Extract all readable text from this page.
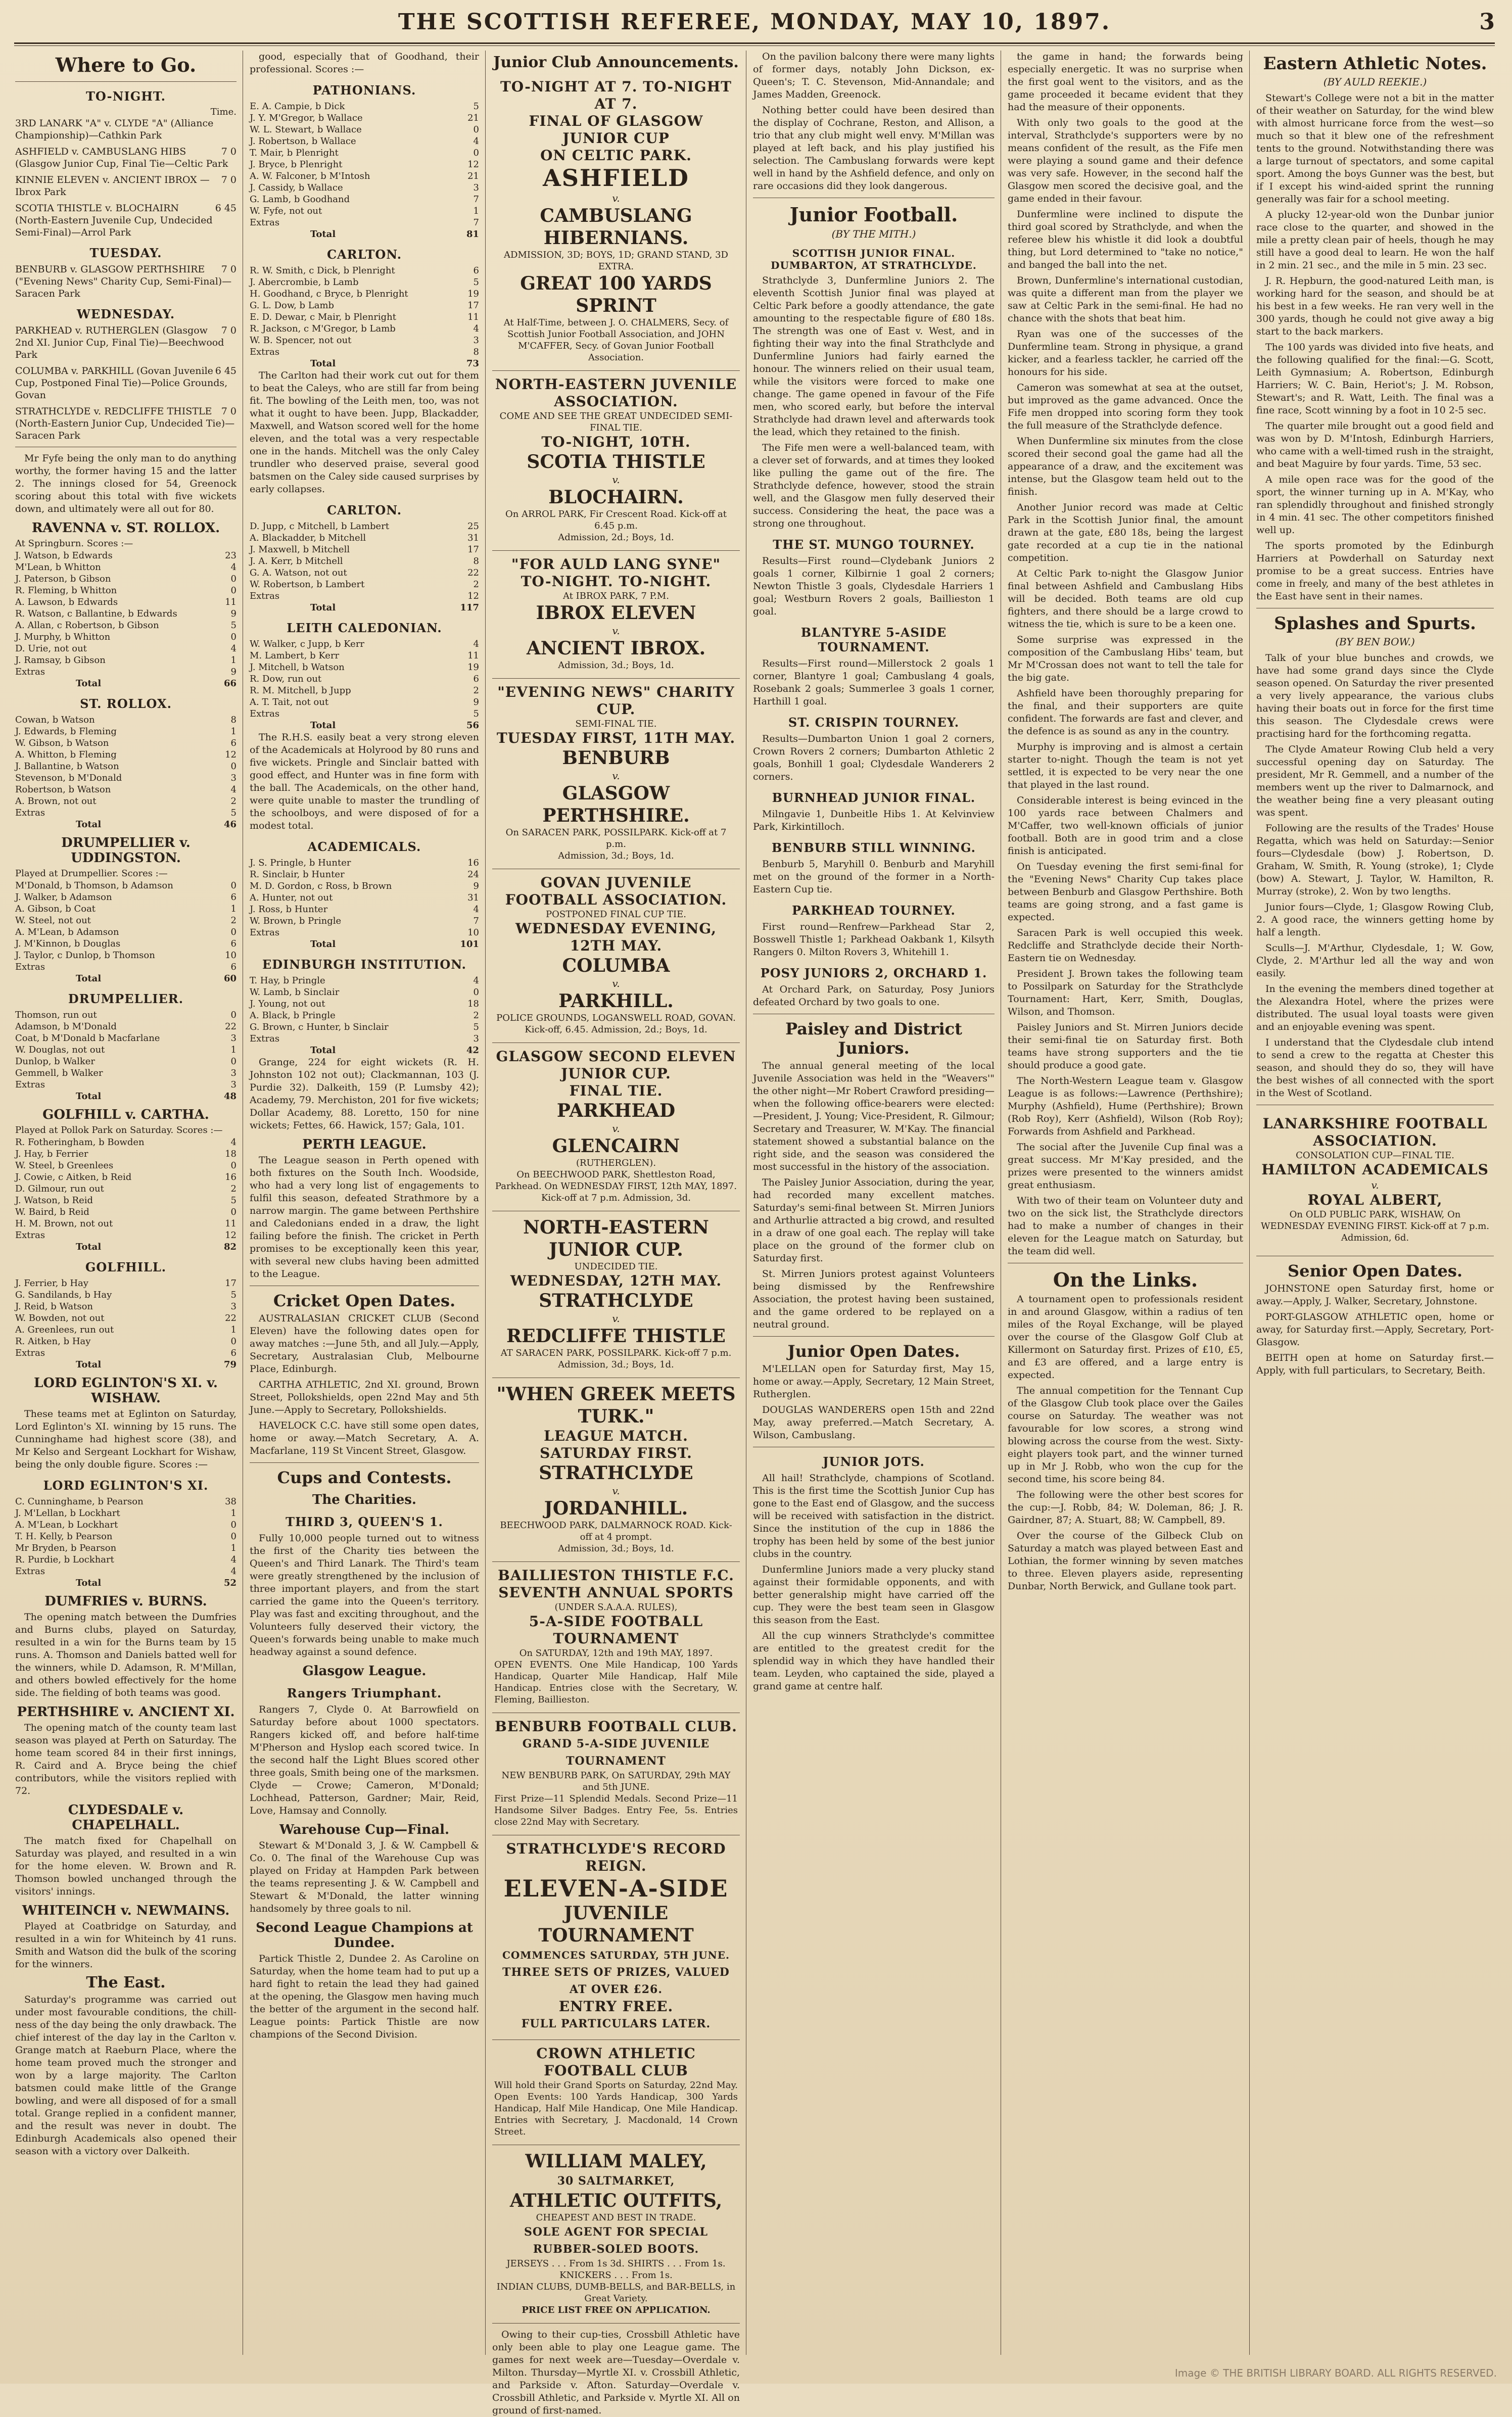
THE SCOTTISH REFEREE, MONDAY, MAY 10, 1897.	3
Where to Go.
TO-NIGHT.
Time.
3RD LANARK "A" v. CLYDE "A" (Alliance Championship)—Cathkin Park
7 0
ASHFIELD v. CAMBUSLANG HIBS (Glasgow Junior Cup, Final Tie—Celtic Park
7 0
KINNIE ELEVEN v. ANCIENT IBROX — Ibrox Park
6 45
SCOTIA THISTLE v. BLOCHAIRN (North-Eastern Juvenile Cup, Undecided Semi-Final)—Arrol Park
TUESDAY.
7 0
BENBURB v. GLASGOW PERTHSHIRE ("Evening News" Charity Cup, Semi-Final)—Saracen Park
WEDNESDAY.
7 0
PARKHEAD v. RUTHERGLEN (Glasgow 2nd XI. Junior Cup, Final Tie)—Beechwood Park
6 45
COLUMBA v. PARKHILL (Govan Juvenile Cup, Postponed Final Tie)—Police Grounds, Govan
7 0
STRATHCLYDE v. REDCLIFFE THISTLE (North-Eastern Junior Cup, Undecided Tie)—Saracen Park

Mr Fyfe being the only man to do anything worthy, the former having 15 and the latter 2. The innings closed for 54, Greenock scoring about this total with five wickets down, and ultimately were all out for 80.

RAVENNA v. ST. ROLLOX.
At Springburn. Scores :—
J. Watson, b Edwards	23
M'Lean, b Whitton	4
J. Paterson, b Gibson	0
R. Fleming, b Whitton	0
A. Lawson, b Edwards	11
R. Watson, c Ballantine, b Edwards	9
A. Allan, c Robertson, b Gibson	5
J. Murphy, b Whitton	0
D. Urie, not out	4
J. Ramsay, b Gibson	1
Extras	9
Total	66
ST. ROLLOX.
Cowan, b Watson	8
J. Edwards, b Fleming	1
W. Gibson, b Watson	6
A. Whitton, b Fleming	12
J. Ballantine, b Watson	0
Stevenson, b M'Donald	3
Robertson, b Watson	4
A. Brown, not out	2
Extras	5
Total	46
DRUMPELLIER v. UDDINGSTON.
Played at Drumpellier. Scores :—
M'Donald, b Thomson, b Adamson	0
J. Walker, b Adamson	6
A. Gibson, b Coat	1
W. Steel, not out	2
A. M'Lean, b Adamson	0
J. M'Kinnon, b Douglas	6
J. Taylor, c Dunlop, b Thomson	10
Extras	6
Total	60
DRUMPELLIER.
Thomson, run out	0
Adamson, b M'Donald	22
Coat, b M'Donald b Macfarlane	3
W. Douglas, not out	1
Dunlop, b Walker	0
Gemmell, b Walker	3
Extras	3
Total	48
GOLFHILL v. CARTHA.
Played at Pollok Park on Saturday. Scores :—
R. Fotheringham, b Bowden	4
J. Hay, b Ferrier	18
W. Steel, b Greenlees	0
J. Cowie, c Aitken, b Reid	16
D. Gilmour, run out	2
J. Watson, b Reid	5
W. Baird, b Reid	0
H. M. Brown, not out	11
Extras	12
Total	82
GOLFHILL.
J. Ferrier, b Hay	17
G. Sandilands, b Hay	5
J. Reid, b Watson	3
W. Bowden, not out	22
A. Greenlees, run out	1
R. Aitken, b Hay	0
Extras	6
Total	79
LORD EGLINTON'S XI. v. WISHAW.

These teams met at Eglinton on Saturday, Lord Eglinton's XI. winning by 15 runs. The Cunninghame had highest score (38), and Mr Kelso and Sergeant Lockhart for Wishaw, being the only double figure. Scores :—

LORD EGLINTON'S XI.
C. Cunninghame, b Pearson	38
J. M'Lellan, b Lockhart	1
A. M'Lean, b Lockhart	0
T. H. Kelly, b Pearson	0
Mr Bryden, b Pearson	1
R. Purdie, b Lockhart	4
Extras	4
Total	52
DUMFRIES v. BURNS.

The opening match between the Dumfries and Burns clubs, played on Saturday, resulted in a win for the Burns team by 15 runs. A. Thomson and Daniels batted well for the winners, while D. Adamson, R. M'Millan, and others bowled effectively for the home side. The fielding of both teams was good.

PERTHSHIRE v. ANCIENT XI.

The opening match of the county team last season was played at Perth on Saturday. The home team scored 84 in their first innings, R. Caird and A. Bryce being the chief contributors, while the visitors replied with 72.

CLYDESDALE v. CHAPELHALL.

The match fixed for Chapelhall on Saturday was played, and resulted in a win for the home eleven. W. Brown and R. Thomson bowled unchanged through the visitors' innings.

WHITEINCH v. NEWMAINS.

Played at Coatbridge on Saturday, and resulted in a win for Whiteinch by 41 runs. Smith and Watson did the bulk of the scoring for the winners.

The East.

Saturday's programme was carried out under most favourable conditions, the chill-ness of the day being the only drawback. The chief interest of the day lay in the Carlton v. Grange match at Raeburn Place, where the home team proved much the stronger and won by a large majority. The Carlton batsmen could make little of the Grange bowling, and were all disposed of for a small total. Grange replied in a confident manner, and the result was never in doubt. The Edinburgh Academicals also opened their season with a victory over Dalkeith.

good, especially that of Goodhand, their professional. Scores :—

PATHONIANS.
E. A. Campie, b Dick	5
J. Y. M'Gregor, b Wallace	21
W. L. Stewart, b Wallace	0
J. Robertson, b Wallace	4
T. Mair, b Plenright	0
J. Bryce, b Plenright	12
A. W. Falconer, b M'Intosh	21
J. Cassidy, b Wallace	3
G. Lamb, b Goodhand	7
W. Fyfe, not out	1
Extras	7
Total	81
CARLTON.
R. W. Smith, c Dick, b Plenright	6
J. Abercrombie, b Lamb	5
H. Goodhand, c Bryce, b Plenright	19
G. L. Dow, b Lamb	17
E. D. Dewar, c Mair, b Plenright	11
R. Jackson, c M'Gregor, b Lamb	4
W. B. Spencer, not out	3
Extras	8
Total	73

The Carlton had their work cut out for them to beat the Caleys, who are still far from being fit. The bowling of the Leith men, too, was not what it ought to have been. Jupp, Blackadder, Maxwell, and Watson scored well for the home eleven, and the total was a very respectable one in the hands. Mitchell was the only Caley trundler who deserved praise, several good batsmen on the Caley side caused surprises by early collapses.

CARLTON.
D. Jupp, c Mitchell, b Lambert	25
A. Blackadder, b Mitchell	31
J. Maxwell, b Mitchell	17
J. A. Kerr, b Mitchell	8
G. A. Watson, not out	22
W. Robertson, b Lambert	2
Extras	12
Total	117
LEITH CALEDONIAN.
W. Walker, c Jupp, b Kerr	4
M. Lambert, b Kerr	11
J. Mitchell, b Watson	19
R. Dow, run out	6
R. M. Mitchell, b Jupp	2
A. T. Tait, not out	9
Extras	5
Total	56

The R.H.S. easily beat a very strong eleven of the Academicals at Holyrood by 80 runs and five wickets. Pringle and Sinclair batted with good effect, and Hunter was in fine form with the ball. The Academicals, on the other hand, were quite unable to master the trundling of the schoolboys, and were disposed of for a modest total.

ACADEMICALS.
J. S. Pringle, b Hunter	16
R. Sinclair, b Hunter	24
M. D. Gordon, c Ross, b Brown	9
A. Hunter, not out	31
J. Ross, b Hunter	4
W. Brown, b Pringle	7
Extras	10
Total	101
EDINBURGH INSTITUTION.
T. Hay, b Pringle	4
W. Lamb, b Sinclair	0
J. Young, not out	18
A. Black, b Pringle	2
G. Brown, c Hunter, b Sinclair	5
Extras	3
Total	42

Grange, 224 for eight wickets (R. H. Johnston 102 not out); Clackmannan, 103 (J. Purdie 32). Dalkeith, 159 (P. Lumsby 42); Academy, 79. Merchiston, 201 for five wickets; Dollar Academy, 88. Loretto, 150 for nine wickets; Fettes, 66. Hawick, 157; Gala, 101.

PERTH LEAGUE.

The League season in Perth opened with both fixtures on the South Inch. Woodside, who had a very long list of engagements to fulfil this season, defeated Strathmore by a narrow margin. The game between Perthshire and Caledonians ended in a draw, the light failing before the finish. The cricket in Perth promises to be exceptionally keen this year, with several new clubs having been admitted to the League.

Cricket Open Dates.

AUSTRALASIAN CRICKET CLUB (Second Eleven) have the following dates open for away matches :—June 5th, and all July.—Apply, Secretary, Australasian Club, Melbourne Place, Edinburgh.

CARTHA ATHLETIC, 2nd XI. ground, Brown Street, Pollokshields, open 22nd May and 5th June.—Apply to Secretary, Pollokshields.

HAVELOCK C.C. have still some open dates, home or away.—Match Secretary, A. A. Macfarlane, 119 St Vincent Street, Glasgow.

Cups and Contests.
The Charities.
THIRD 3, QUEEN'S 1.

Fully 10,000 people turned out to witness the first of the Charity ties between the Queen's and Third Lanark. The Third's team were greatly strengthened by the inclusion of three important players, and from the start carried the game into the Queen's territory. Play was fast and exciting throughout, and the Volunteers fully deserved their victory, the Queen's forwards being unable to make much headway against a sound defence.

Glasgow League.
Rangers Triumphant.

Rangers 7, Clyde 0. At Barrowfield on Saturday before about 1000 spectators. Rangers kicked off, and before half-time M'Pherson and Hyslop each scored twice. In the second half the Light Blues scored other three goals, Smith being one of the marksmen. Clyde — Crowe; Cameron, M'Donald; Lochhead, Patterson, Gardner; Mair, Reid, Love, Hamsay and Connolly.

Warehouse Cup—Final.

Stewart & M'Donald 3, J. & W. Campbell & Co. 0. The final of the Warehouse Cup was played on Friday at Hampden Park between the teams representing J. & W. Campbell and Stewart & M'Donald, the latter winning handsomely by three goals to nil.

Second League Champions at Dundee.

Partick Thistle 2, Dundee 2. As Caroline on Saturday, when the home team had to put up a hard fight to retain the lead they had gained at the opening, the Glasgow men having much the better of the argument in the second half. League points: Partick Thistle are now champions of the Second Division.

Junior Club Announcements.
TO-NIGHT AT 7. TO-NIGHT AT 7.
FINAL OF GLASGOW JUNIOR CUP
ON CELTIC PARK.
ASHFIELD
v.
CAMBUSLANG HIBERNIANS.
ADMISSION, 3D; BOYS, 1D; GRAND STAND, 3D EXTRA.
GREAT 100 YARDS SPRINT
At Half-Time, between J. O. CHALMERS, Secy. of Scottish Junior Football Association, and JOHN M'CAFFER, Secy. of Govan Junior Football Association.
NORTH-EASTERN JUVENILE ASSOCIATION.
COME AND SEE THE GREAT UNDECIDED SEMI-FINAL TIE.
TO-NIGHT, 10TH.
SCOTIA THISTLE
v.
BLOCHAIRN.
On ARROL PARK, Fir Crescent Road. Kick-off at 6.45 p.m.
Admission, 2d.; Boys, 1d.
"FOR AULD LANG SYNE"
TO-NIGHT. TO-NIGHT.
At IBROX PARK, 7 P.M.
IBROX ELEVEN
v.
ANCIENT IBROX.
Admission, 3d.; Boys, 1d.
"EVENING NEWS" CHARITY CUP.
SEMI-FINAL TIE.
TUESDAY FIRST, 11TH MAY.
BENBURB
v.
GLASGOW PERTHSHIRE.
On SARACEN PARK, POSSILPARK. Kick-off at 7 p.m.
Admission, 3d.; Boys, 1d.
GOVAN JUVENILE FOOTBALL ASSOCIATION.
POSTPONED FINAL CUP TIE.
WEDNESDAY EVENING, 12TH MAY.
COLUMBA
v.
PARKHILL.
POLICE GROUNDS, LOGANSWELL ROAD, GOVAN. Kick-off, 6.45. Admission, 2d.; Boys, 1d.
GLASGOW SECOND ELEVEN JUNIOR CUP.
FINAL TIE.
PARKHEAD
v.
GLENCAIRN
(RUTHERGLEN).
On BEECHWOOD PARK, Shettleston Road, Parkhead. On WEDNESDAY FIRST, 12th MAY, 1897. Kick-off at 7 p.m. Admission, 3d.
NORTH-EASTERN JUNIOR CUP.
UNDECIDED TIE.
WEDNESDAY, 12TH MAY.
STRATHCLYDE
v.
REDCLIFFE THISTLE
AT SARACEN PARK, POSSILPARK. Kick-off 7 p.m.
Admission, 3d.; Boys, 1d.
"WHEN GREEK MEETS TURK."
LEAGUE MATCH.
SATURDAY FIRST.
STRATHCLYDE
v.
JORDANHILL.
BEECHWOOD PARK, DALMARNOCK ROAD. Kick-off at 4 prompt.
Admission, 3d.; Boys, 1d.
BAILLIESTON THISTLE F.C.
SEVENTH ANNUAL SPORTS
(UNDER S.A.A.A. RULES),
5-A-SIDE FOOTBALL TOURNAMENT
On SATURDAY, 12th and 19th MAY, 1897.
OPEN EVENTS. One Mile Handicap, 100 Yards Handicap, Quarter Mile Handicap, Half Mile Handicap. Entries close with the Secretary, W. Fleming, Baillieston.
BENBURB FOOTBALL CLUB.
GRAND 5-A-SIDE JUVENILE TOURNAMENT
NEW BENBURB PARK, On SATURDAY, 29th MAY and 5th JUNE.
First Prize—11 Splendid Medals. Second Prize—11 Handsome Silver Badges. Entry Fee, 5s. Entries close 22nd May with Secretary.
STRATHCLYDE'S RECORD REIGN.
ELEVEN-A-SIDE
JUVENILE TOURNAMENT
COMMENCES SATURDAY, 5TH JUNE.
THREE SETS OF PRIZES, VALUED AT OVER £26.
ENTRY FREE.
FULL PARTICULARS LATER.
CROWN ATHLETIC FOOTBALL CLUB
Will hold their Grand Sports on Saturday, 22nd May. Open Events: 100 Yards Handicap, 300 Yards Handicap, Half Mile Handicap, One Mile Handicap. Entries with Secretary, J. Macdonald, 14 Crown Street.
WILLIAM MALEY,
30 SALTMARKET,
ATHLETIC OUTFITS,
CHEAPEST AND BEST IN TRADE.
SOLE AGENT FOR SPECIAL RUBBER-SOLED BOOTS.
JERSEYS . . . From 1s 3d. SHIRTS . . . From 1s. KNICKERS . . . From 1s.
INDIAN CLUBS, DUMB-BELLS, and BAR-BELLS, in Great Variety.
PRICE LIST FREE ON APPLICATION.

Owing to their cup-ties, Crossbill Athletic have only been able to play one League game. The games for next week are—Tuesday—Overdale v. Milton. Thursday—Myrtle XI. v. Crossbill Athletic, and Parkside v. Afton. Saturday—Overdale v. Crossbill Athletic, and Parkside v. Myrtle XI. All on ground of first-named.

On the pavilion balcony there were many lights of former days, notably John Dickson, ex-Queen's; T. C. Stevenson, Mid-Annandale; and James Madden, Greenock.

Nothing better could have been desired than the display of Cochrane, Reston, and Allison, a trio that any club might well envy. M'Millan was played at left back, and his play justified his selection. The Cambuslang forwards were kept well in hand by the Ashfield defence, and only on rare occasions did they look dangerous.

Junior Football.
(BY THE MITH.)
SCOTTISH JUNIOR FINAL. DUMBARTON, AT STRATHCLYDE.

Strathclyde 3, Dunfermline Juniors 2. The eleventh Scottish Junior final was played at Celtic Park before a goodly attendance, the gate amounting to the respectable figure of £80 18s. The strength was one of East v. West, and in fighting their way into the final Strathclyde and Dunfermline Juniors had fairly earned the honour. The winners relied on their usual team, while the visitors were forced to make one change. The game opened in favour of the Fife men, who scored early, but before the interval Strathclyde had drawn level and afterwards took the lead, which they retained to the finish.

The Fife men were a well-balanced team, with a clever set of forwards, and at times they looked like pulling the game out of the fire. The Strathclyde defence, however, stood the strain well, and the Glasgow men fully deserved their success. Considering the heat, the pace was a strong one throughout.

THE ST. MUNGO TOURNEY.

Results—First round—Clydebank Juniors 2 goals 1 corner, Kilbirnie 1 goal 2 corners; Newton Thistle 3 goals, Clydesdale Harriers 1 goal; Westburn Rovers 2 goals, Baillieston 1 goal.

BLANTYRE 5-ASIDE TOURNAMENT.

Results—First round—Millerstock 2 goals 1 corner, Blantyre 1 goal; Cambuslang 4 goals, Rosebank 2 goals; Summerlee 3 goals 1 corner, Harthill 1 goal.

ST. CRISPIN TOURNEY.

Results—Dumbarton Union 1 goal 2 corners, Crown Rovers 2 corners; Dumbarton Athletic 2 goals, Bonhill 1 goal; Clydesdale Wanderers 2 corners.

BURNHEAD JUNIOR FINAL.

Milngavie 1, Dunbeitle Hibs 1. At Kelvinview Park, Kirkintilloch.

BENBURB STILL WINNING.

Benburb 5, Maryhill 0. Benburb and Maryhill met on the ground of the former in a North-Eastern Cup tie.

PARKHEAD TOURNEY.

First round—Renfrew—Parkhead Star 2, Bosswell Thistle 1; Parkhead Oakbank 1, Kilsyth Rangers 0. Milton Rovers 3, Whitehill 1.

POSY JUNIORS 2, ORCHARD 1.

At Orchard Park, on Saturday, Posy Juniors defeated Orchard by two goals to one.

Paisley and District Juniors.

The annual general meeting of the local Juvenile Association was held in the "Weavers'" the other night—Mr Robert Crawford presiding—when the following office-bearers were elected:—President, J. Young; Vice-President, R. Gilmour; Secretary and Treasurer, W. M'Kay. The financial statement showed a substantial balance on the right side, and the season was considered the most successful in the history of the association.

The Paisley Junior Association, during the year, had recorded many excellent matches. Saturday's semi-final between St. Mirren Juniors and Arthurlie attracted a big crowd, and resulted in a draw of one goal each. The replay will take place on the ground of the former club on Saturday first.

St. Mirren Juniors protest against Volunteers being dismissed by the Renfrewshire Association, the protest having been sustained, and the game ordered to be replayed on a neutral ground.

Junior Open Dates.

M'LELLAN open for Saturday first, May 15, home or away.—Apply, Secretary, 12 Main Street, Rutherglen.

DOUGLAS WANDERERS open 15th and 22nd May, away preferred.—Match Secretary, A. Wilson, Cambuslang.

JUNIOR JOTS.

All hail! Strathclyde, champions of Scotland. This is the first time the Scottish Junior Cup has gone to the East end of Glasgow, and the success will be received with satisfaction in the district. Since the institution of the cup in 1886 the trophy has been held by some of the best junior clubs in the country.

Dunfermline Juniors made a very plucky stand against their formidable opponents, and with better generalship might have carried off the cup. They were the best team seen in Glasgow this season from the East.

All the cup winners Strathclyde's committee are entitled to the greatest credit for the splendid way in which they have handled their team. Leyden, who captained the side, played a grand game at centre half.

the game in hand; the forwards being especially energetic. It was no surprise when the first goal went to the visitors, and as the game proceeded it became evident that they had the measure of their opponents.

With only two goals to the good at the interval, Strathclyde's supporters were by no means confident of the result, as the Fife men were playing a sound game and their defence was very safe. However, in the second half the Glasgow men scored the decisive goal, and the game ended in their favour.

Dunfermline were inclined to dispute the third goal scored by Strathclyde, and when the referee blew his whistle it did look a doubtful thing, but Lord determined to "take no notice," and banged the ball into the net.

Brown, Dunfermline's international custodian, was quite a different man from the player we saw at Celtic Park in the semi-final. He had no chance with the shots that beat him.

Ryan was one of the successes of the Dunfermline team. Strong in physique, a grand kicker, and a fearless tackler, he carried off the honours for his side.

Cameron was somewhat at sea at the outset, but improved as the game advanced. Once the Fife men dropped into scoring form they took the full measure of the Strathclyde defence.

When Dunfermline six minutes from the close scored their second goal the game had all the appearance of a draw, and the excitement was intense, but the Glasgow team held out to the finish.

Another Junior record was made at Celtic Park in the Scottish Junior final, the amount drawn at the gate, £80 18s, being the largest gate recorded at a cup tie in the national competition.

At Celtic Park to-night the Glasgow Junior final between Ashfield and Cambuslang Hibs will be decided. Both teams are old cup fighters, and there should be a large crowd to witness the tie, which is sure to be a keen one.

Some surprise was expressed in the composition of the Cambuslang Hibs' team, but Mr M'Crossan does not want to tell the tale for the big gate.

Ashfield have been thoroughly preparing for the final, and their supporters are quite confident. The forwards are fast and clever, and the defence is as sound as any in the country.

Murphy is improving and is almost a certain starter to-night. Though the team is not yet settled, it is expected to be very near the one that played in the last round.

Considerable interest is being evinced in the 100 yards race between Chalmers and M'Caffer, two well-known officials of junior football. Both are in good trim and a close finish is anticipated.

On Tuesday evening the first semi-final for the "Evening News" Charity Cup takes place between Benburb and Glasgow Perthshire. Both teams are going strong, and a fast game is expected.

Saracen Park is well occupied this week. Redcliffe and Strathclyde decide their North-Eastern tie on Wednesday.

President J. Brown takes the following team to Possilpark on Saturday for the Strathclyde Tournament: Hart, Kerr, Smith, Douglas, Wilson, and Thomson.

Paisley Juniors and St. Mirren Juniors decide their semi-final tie on Saturday first. Both teams have strong supporters and the tie should produce a good gate.

The North-Western League team v. Glasgow League is as follows:—Lawrence (Perthshire); Murphy (Ashfield), Hume (Perthshire); Brown (Rob Roy), Kerr (Ashfield), Wilson (Rob Roy); Forwards from Ashfield and Parkhead.

The social after the Juvenile Cup final was a great success. Mr M'Kay presided, and the prizes were presented to the winners amidst great enthusiasm.

With two of their team on Volunteer duty and two on the sick list, the Strathclyde directors had to make a number of changes in their eleven for the League match on Saturday, but the team did well.

On the Links.

A tournament open to professionals resident in and around Glasgow, within a radius of ten miles of the Royal Exchange, will be played over the course of the Glasgow Golf Club at Killermont on Saturday first. Prizes of £10, £5, and £3 are offered, and a large entry is expected.

The annual competition for the Tennant Cup of the Glasgow Club took place over the Gailes course on Saturday. The weather was not favourable for low scores, a strong wind blowing across the course from the west. Sixty-eight players took part, and the winner turned up in Mr J. Robb, who won the cup for the second time, his score being 84.

The following were the other best scores for the cup:—J. Robb, 84; W. Doleman, 86; J. R. Gairdner, 87; A. Stuart, 88; W. Campbell, 89.

Over the course of the Gilbeck Club on Saturday a match was played between East and Lothian, the former winning by seven matches to three. Eleven players aside, representing Dunbar, North Berwick, and Gullane took part.

Eastern Athletic Notes.
(BY AULD REEKIE.)

Stewart's College were not a bit in the matter of their weather on Saturday, for the wind blew with almost hurricane force from the west—so much so that it blew one of the refreshment tents to the ground. Notwithstanding there was a large turnout of spectators, and some capital sport. Among the boys Gunner was the best, but if I except his wind-aided sprint the running generally was fair for a school meeting.

A plucky 12-year-old won the Dunbar junior race close to the quarter, and showed in the mile a pretty clean pair of heels, though he may still have a good deal to learn. He won the half in 2 min. 21 sec., and the mile in 5 min. 23 sec.

J. R. Hepburn, the good-natured Leith man, is working hard for the season, and should be at his best in a few weeks. He ran very well in the 300 yards, though he could not give away a big start to the back markers.

The 100 yards was divided into five heats, and the following qualified for the final:—G. Scott, Leith Gymnasium; A. Robertson, Edinburgh Harriers; W. C. Bain, Heriot's; J. M. Robson, Stewart's; and R. Watt, Leith. The final was a fine race, Scott winning by a foot in 10 2-5 sec.

The quarter mile brought out a good field and was won by D. M'Intosh, Edinburgh Harriers, who came with a well-timed rush in the straight, and beat Maguire by four yards. Time, 53 sec.

A mile open race was for the good of the sport, the winner turning up in A. M'Kay, who ran splendidly throughout and finished strongly in 4 min. 41 sec. The other competitors finished well up.

The sports promoted by the Edinburgh Harriers at Powderhall on Saturday next promise to be a great success. Entries have come in freely, and many of the best athletes in the East have sent in their names.

Splashes and Spurts.
(BY BEN BOW.)

Talk of your blue bunches and crowds, we have had some grand days since the Clyde season opened. On Saturday the river presented a very lively appearance, the various clubs having their boats out in force for the first time this season. The Clydesdale crews were practising hard for the forthcoming regatta.

The Clyde Amateur Rowing Club held a very successful opening day on Saturday. The president, Mr R. Gemmell, and a number of the members went up the river to Dalmarnock, and the weather being fine a very pleasant outing was spent.

Following are the results of the Trades' House Regatta, which was held on Saturday:—Senior fours—Clydesdale (bow) J. Robertson, D. Graham, W. Smith, R. Young (stroke), 1; Clyde (bow) A. Stewart, J. Taylor, W. Hamilton, R. Murray (stroke), 2. Won by two lengths.

Junior fours—Clyde, 1; Glasgow Rowing Club, 2. A good race, the winners getting home by half a length.

Sculls—J. M'Arthur, Clydesdale, 1; W. Gow, Clyde, 2. M'Arthur led all the way and won easily.

In the evening the members dined together at the Alexandra Hotel, where the prizes were distributed. The usual loyal toasts were given and an enjoyable evening was spent.

I understand that the Clydesdale club intend to send a crew to the regatta at Chester this season, and should they do so, they will have the best wishes of all connected with the sport in the West of Scotland.

LANARKSHIRE FOOTBALL ASSOCIATION.
CONSOLATION CUP—FINAL TIE.
HAMILTON ACADEMICALS
v.
ROYAL ALBERT,
On OLD PUBLIC PARK, WISHAW, On WEDNESDAY EVENING FIRST. Kick-off at 7 p.m. Admission, 6d.
Senior Open Dates.

JOHNSTONE open Saturday first, home or away.—Apply, J. Walker, Secretary, Johnstone.

PORT-GLASGOW ATHLETIC open, home or away, for Saturday first.—Apply, Secretary, Port-Glasgow.

BEITH open at home on Saturday first.—Apply, with full particulars, to Secretary, Beith.

Image © THE BRITISH LIBRARY BOARD. ALL RIGHTS RESERVED.
